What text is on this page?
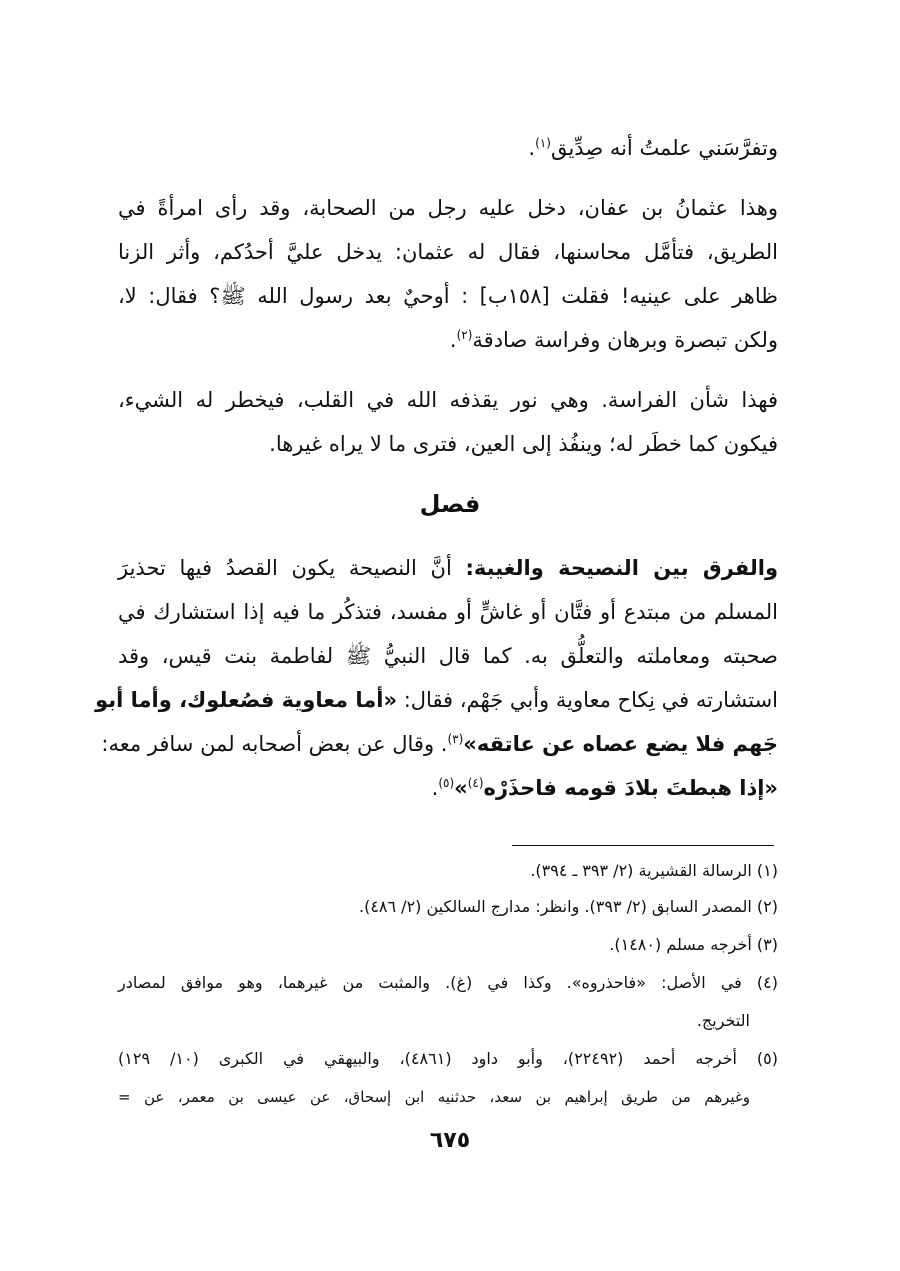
وتفرَّسَني علمتُ أنه صِدِّيق$^{(١)}$.
وهذا عثمانُ بن عفان، دخل عليه رجل من الصحابة، وقد رأى امرأةً في
الطريق، فتأمَّل محاسنها، فقال له عثمان: يدخل عليَّ أحدُكم، وأثر الزنا
ظاهر على عينيه! فقلت [١٥٨ب] : أوحيٌ بعد رسول الله ﷺ؟ فقال: لا،
ولكن تبصرة وبرهان وفراسة صادقة$^{(٢)}$.
فهذا شأن الفراسة. وهي نور يقذفه الله في القلب، فيخطر له الشيء،
فيكون كما خطَر له؛ وينفُذ إلى العين، فترى ما لا يراه غيرها.
فصل
والفرق بين النصيحة والغيبة: أنَّ النصيحة يكون القصدُ فيها تحذيرَ
المسلم من مبتدع أو فتَّان أو غاشٍّ أو مفسد، فتذكُر ما فيه إذا استشارك في
صحبته ومعاملته والتعلُّق به. كما قال النبيُّ ﷺ لفاطمة بنت قيس، وقد
استشارته في نِكاح معاوية وأبي جَهْم، فقال: «أما معاوية فصُعلوك، وأما أبو
جَهم فلا يضع عصاه عن عاتقه»$^{(٣)}$. وقال عن بعض أصحابه لمن سافر معه:
«إذا هبطتَ بلادَ قومه فاحذَرْه$^{(٤)}$»$^{(٥)}$.
(١) الرسالة القشيرية (٢/ ٣٩٣ ـ ٣٩٤).
(٢) المصدر السابق (٢/ ٣٩٣). وانظر: مدارج السالكين (٢/ ٤٨٦).
(٣) أخرجه مسلم (١٤٨٠).
(٤) في الأصل: «فاحذروه». وكذا في (غ). والمثبت من غيرهما، وهو موافق لمصادر
التخريج.
(٥) أخرجه أحمد (٢٢٤٩٢)، وأبو داود (٤٨٦١)، والبيهقي في الكبرى (١٠/ ١٢٩)
وغيرهم من طريق إبراهيم بن سعد، حدثنيه ابن إسحاق، عن عيسى بن معمر، عن =
٦٧٥
